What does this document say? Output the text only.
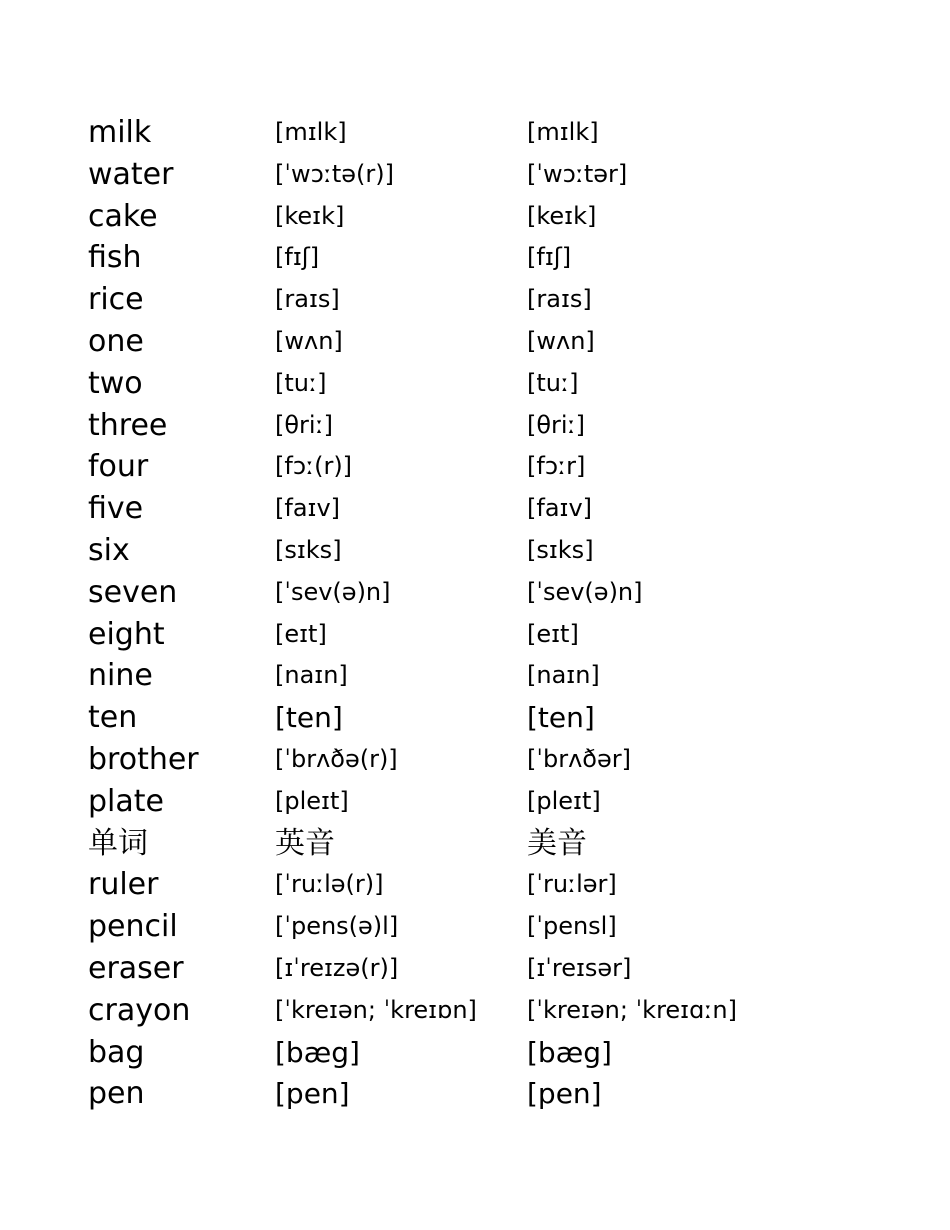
milk	[mɪlk]	[mɪlk]
water	[ˈwɔːtə(r)]	[ˈwɔːtər]
cake	[keɪk]	[keɪk]
fish	[fɪʃ]	[fɪʃ]
rice	[raɪs]	[raɪs]
one	[wʌn]	[wʌn]
two	[tuː]	[tuː]
three	[θriː]	[θriː]
four	[fɔː(r)]	[fɔːr]
five	[faɪv]	[faɪv]
six	[sɪks]	[sɪks]
seven	[ˈsev(ə)n]	[ˈsev(ə)n]
eight	[eɪt]	[eɪt]
nine	[naɪn]	[naɪn]
ten	[ten]	[ten]
brother	[ˈbrʌðə(r)]	[ˈbrʌðər]
plate	[pleɪt]	[pleɪt]
单词	英音	美音
ruler	[ˈruːlə(r)]	[ˈruːlər]
pencil	[ˈpens(ə)l]	[ˈpensl]
eraser	[ɪˈreɪzə(r)]	[ɪˈreɪsər]
crayon	[ˈkreɪən; ˈkreɪɒn] [ˈkreɪən; ˈkreɪɑːn]
bag	[bæg]	[bæg]
pen	[pen]	[pen]
